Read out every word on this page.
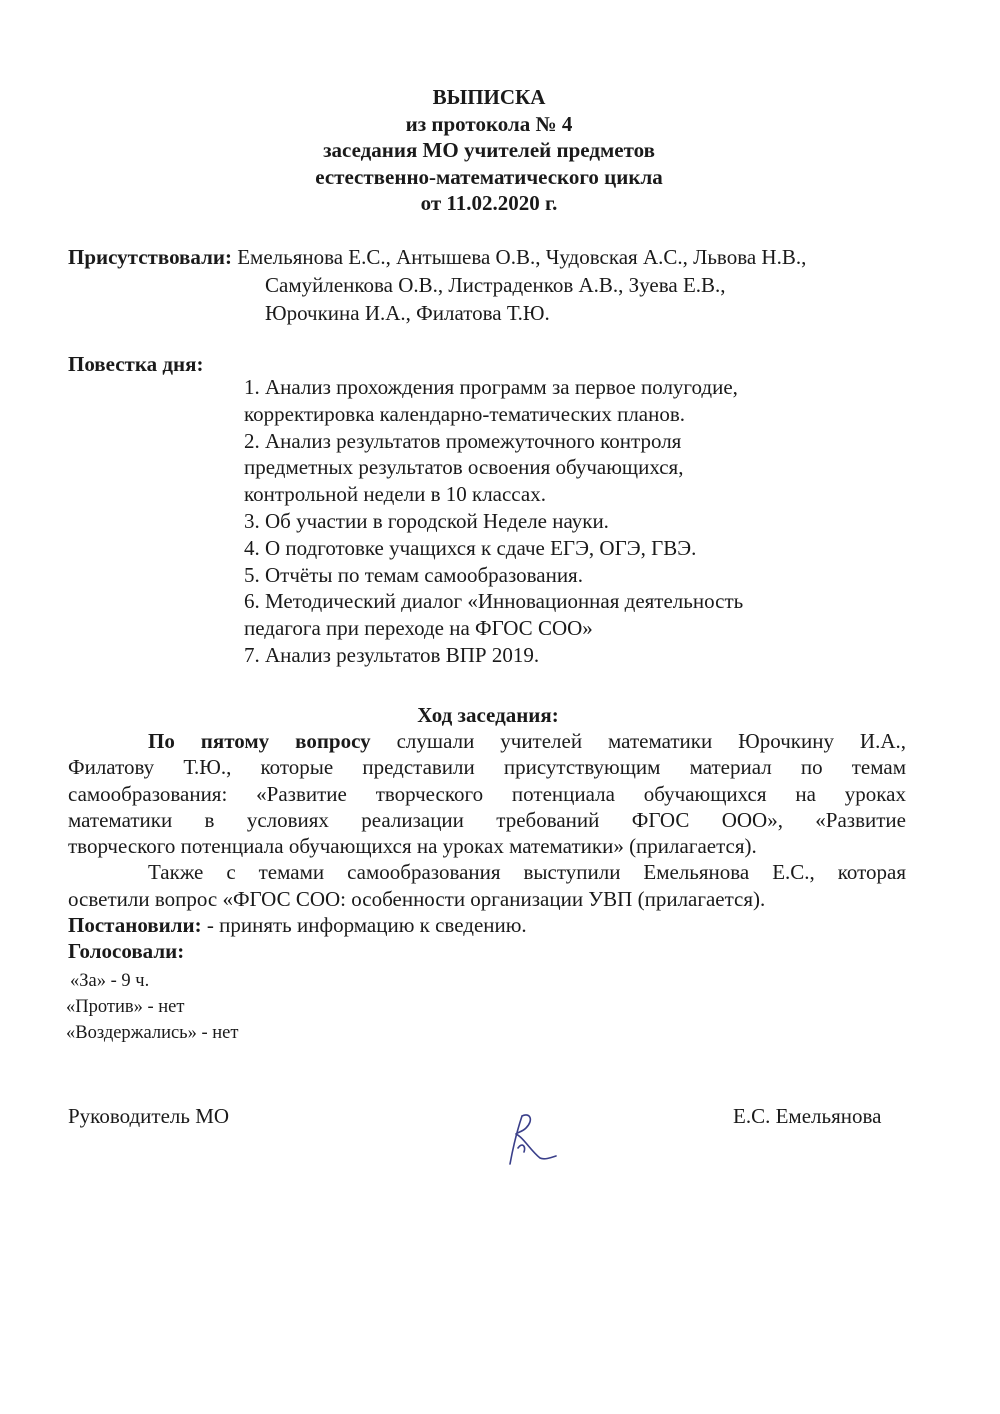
ВЫПИСКА
из протокола № 4
заседания МО учителей предметов
естественно-математического цикла
от 11.02.2020 г.
Присутствовали: Емельянова Е.С., Антышева О.В., Чудовская А.С., Львова Н.В.,
Самуйленкова О.В., Листраденков А.В., Зуева Е.В.,
Юрочкина И.А., Филатова Т.Ю.
Повестка дня:
1. Анализ прохождения программ за первое полугодие,
корректировка календарно-тематических планов.
2. Анализ результатов промежуточного контроля
предметных результатов освоения обучающихся,
контрольной недели в 10 классах.
3. Об участии в городской Неделе науки.
4. О подготовке учащихся к сдаче ЕГЭ, ОГЭ, ГВЭ.
5. Отчёты по темам самообразования.
6. Методический диалог «Инновационная деятельность
педагога при переходе на ФГОС СОО»
7. Анализ результатов ВПР 2019.
Ход заседания:
По пятому вопросу слушали учителей математики Юрочкину И.А.,
Филатову Т.Ю., которые представили присутствующим материал по темам
самообразования: «Развитие творческого потенциала обучающихся на уроках
математики в условиях реализации требований ФГОС ООО», «Развитие
творческого потенциала обучающихся на уроках математики» (прилагается).
Также с темами самообразования выступили Емельянова Е.С., которая
осветили вопрос «ФГОС СОО: особенности организации УВП (прилагается).
Постановили: - принять информацию к сведению.
Голосовали:
«За» - 9 ч.
«Против» - нет
«Воздержались» - нет
Руководитель МО	Е.С. Емельянова
